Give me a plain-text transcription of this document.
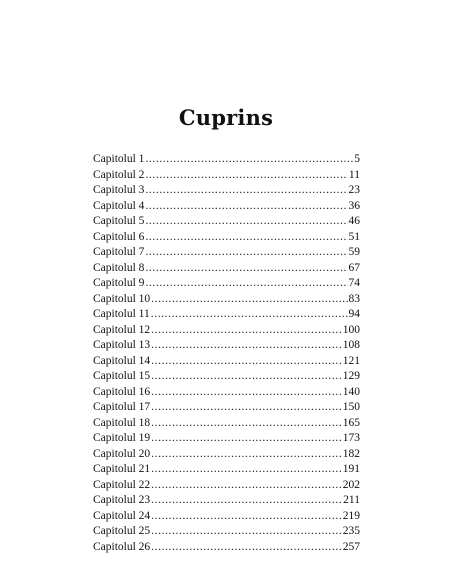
Cuprins
Capitolul 1 .....	5
Capitolul 2 .....	11
Capitolul 3 .....	23
Capitolul 4 .....	36
Capitolul 5 .....	46
Capitolul 6 .....	51
Capitolul 7 .....	59
Capitolul 8 .....	67
Capitolul 9 .....	74
Capitolul 10 .....	83
Capitolul 11 .....	94
Capitolul 12 .....	100
Capitolul 13 .....	108
Capitolul 14 .....	121
Capitolul 15 .....	129
Capitolul 16 .....	140
Capitolul 17 .....	150
Capitolul 18 .....	165
Capitolul 19 .....	173
Capitolul 20 .....	182
Capitolul 21 .....	191
Capitolul 22 .....	202
Capitolul 23 .....	211
Capitolul 24 .....	219
Capitolul 25 .....	235
Capitolul 26 .....	257
